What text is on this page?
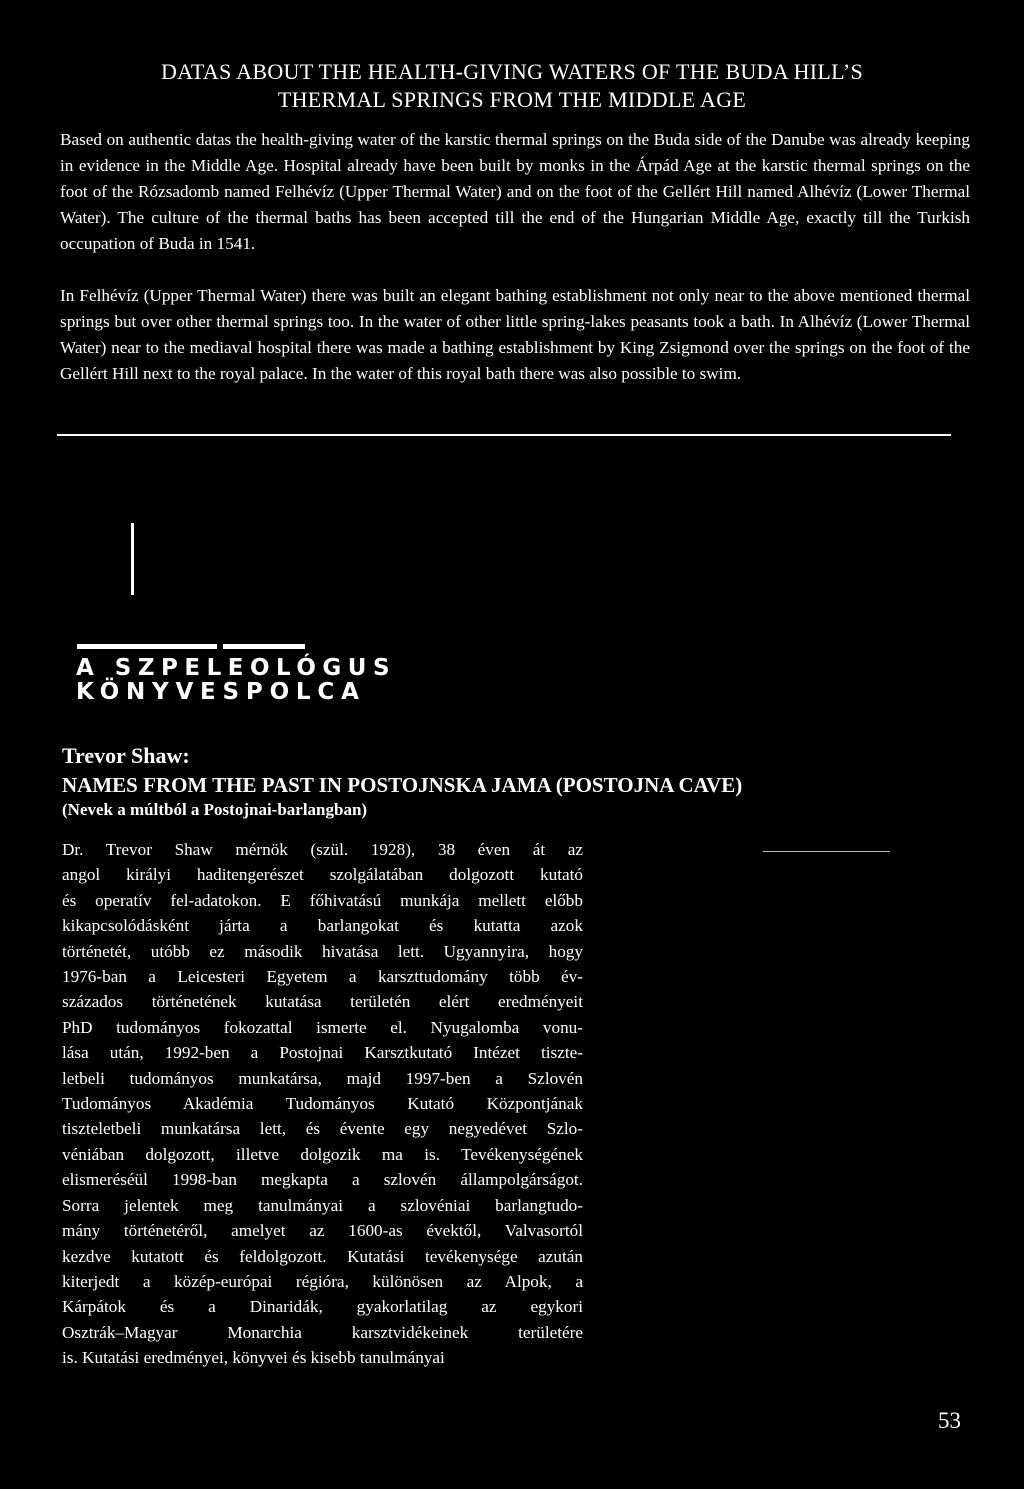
DATAS ABOUT THE HEALTH-GIVING WATERS OF THE BUDA HILL’S
THERMAL SPRINGS FROM THE MIDDLE AGE
Based on authentic datas the health-giving water of the karstic thermal springs on the Buda side of the Danube was already keeping in evidence in the Middle Age. Hospital already have been built by monks in the Árpád Age at the karstic thermal springs on the foot of the Rózsadomb named Felhévíz (Upper Thermal Water) and on the foot of the Gellért Hill named Alhévíz (Lower Thermal Water). The culture of the thermal baths has been accepted till the end of the Hungarian Middle Age, exactly till the Turkish occupation of Buda in 1541.
In Felhévíz (Upper Thermal Water) there was built an elegant bathing establishment not only near to the above mentioned thermal springs but over other thermal springs too. In the water of other little spring-lakes peasants took a bath. In Alhévíz (Lower Thermal Water) near to the mediaval hospital there was made a bathing establishment by King Zsigmond over the springs on the foot of the Gellért Hill next to the royal palace. In the water of this royal bath there was also possible to swim.
A SZPELEOLÓGUS
KÖNYVESPOLCA
Trevor Shaw:
NAMES FROM THE PAST IN POSTOJNSKA JAMA (POSTOJNA CAVE)
(Nevek a múltból a Postojnai-barlangban)
Dr. Trevor Shaw mérnök (szül. 1928), 38 éven át az
angol királyi haditengerészet szolgálatában dolgozott kutató
és operatív fel-adatokon. E főhivatású munkája mellett előbb
kikapcsolódásként járta a barlangokat és kutatta azok
történetét, utóbb ez második hivatása lett. Ugyannyira, hogy
1976-ban a Leicesteri Egyetem a karszttudomány több év-
százados történetének kutatása területén elért eredményeit
PhD tudományos fokozattal ismerte el. Nyugalomba vonu-
lása után, 1992-ben a Postojnai Karsztkutató Intézet tiszte-
letbeli tudományos munkatársa, majd 1997-ben a Szlovén
Tudományos Akadémia Tudományos Kutató Központjának
tiszteletbeli munkatársa lett, és évente egy negyedévet Szlo-
véniában dolgozott, illetve dolgozik ma is. Tevékenységének
elismeréséül 1998-ban megkapta a szlovén állampolgárságot.
Sorra jelentek meg tanulmányai a szlovéniai barlangtudo-
mány történetéről, amelyet az 1600-as évektől, Valvasortól
kezdve kutatott és feldolgozott. Kutatási tevékenysége azután
kiterjedt a közép-európai régióra, különösen az Alpok, a
Kárpátok és a Dinaridák, gyakorlatilag az egykori
Osztrák–Magyar Monarchia karsztvidékeinek területére
is. Kutatási eredményei, könyvei és kisebb tanulmányai
53
